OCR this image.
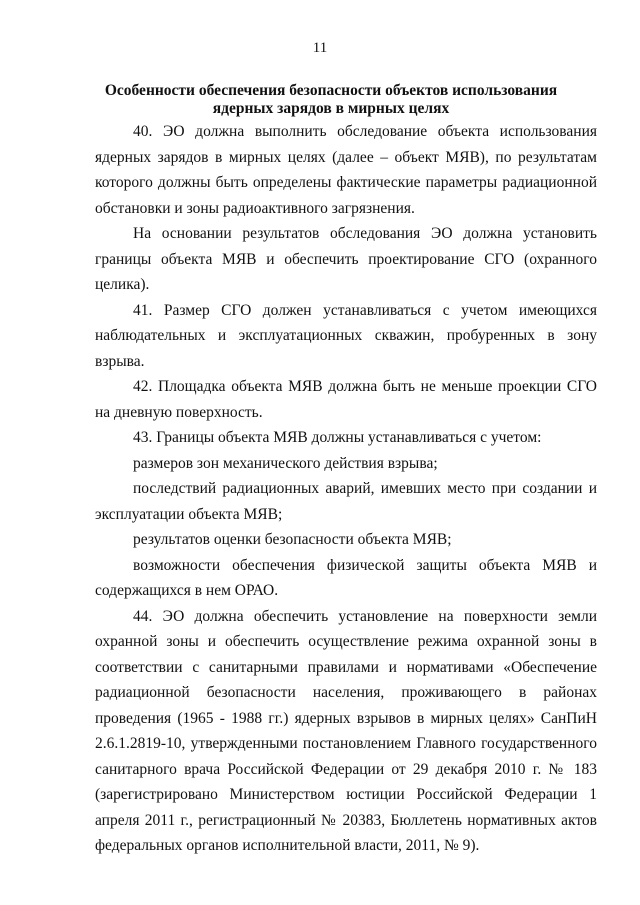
11
Особенности обеспечения безопасности объектов использования
ядерных зарядов в мирных целях

40. ЭО должна выполнить обследование объекта использования ядерных зарядов в мирных целях (далее – объект МЯВ), по результатам которого должны быть определены фактические параметры радиационной обстановки и зоны радиоактивного загрязнения.

На основании результатов обследования ЭО должна установить границы объекта МЯВ и обеспечить проектирование СГО (охранного целика).

41. Размер СГО должен устанавливаться с учетом имеющихся наблюдательных и эксплуатационных скважин, пробуренных в зону взрыва.

42. Площадка объекта МЯВ должна быть не меньше проекции СГО на дневную поверхность.

43. Границы объекта МЯВ должны устанавливаться с учетом:

размеров зон механического действия взрыва;

последствий радиационных аварий, имевших место при создании и эксплуатации объекта МЯВ;

результатов оценки безопасности объекта МЯВ;

возможности обеспечения физической защиты объекта МЯВ и содержащихся в нем ОРАО.

44. ЭО должна обеспечить установление на поверхности земли охранной зоны и обеспечить осуществление режима охранной зоны в соответствии с санитарными правилами и нормативами «Обеспечение радиационной безопасности населения, проживающего в районах проведения (1965 - 1988 гг.) ядерных взрывов в мирных целях» СанПиН 2.6.1.2819-10, утвержденными постановлением Главного государственного санитарного врача Российской Федерации от 29 декабря 2010 г. № 183 (зарегистрировано Министерством юстиции Российской Федерации 1 апреля 2011 г., регистрационный № 20383, Бюллетень нормативных актов федеральных органов исполнительной власти, 2011, № 9).
